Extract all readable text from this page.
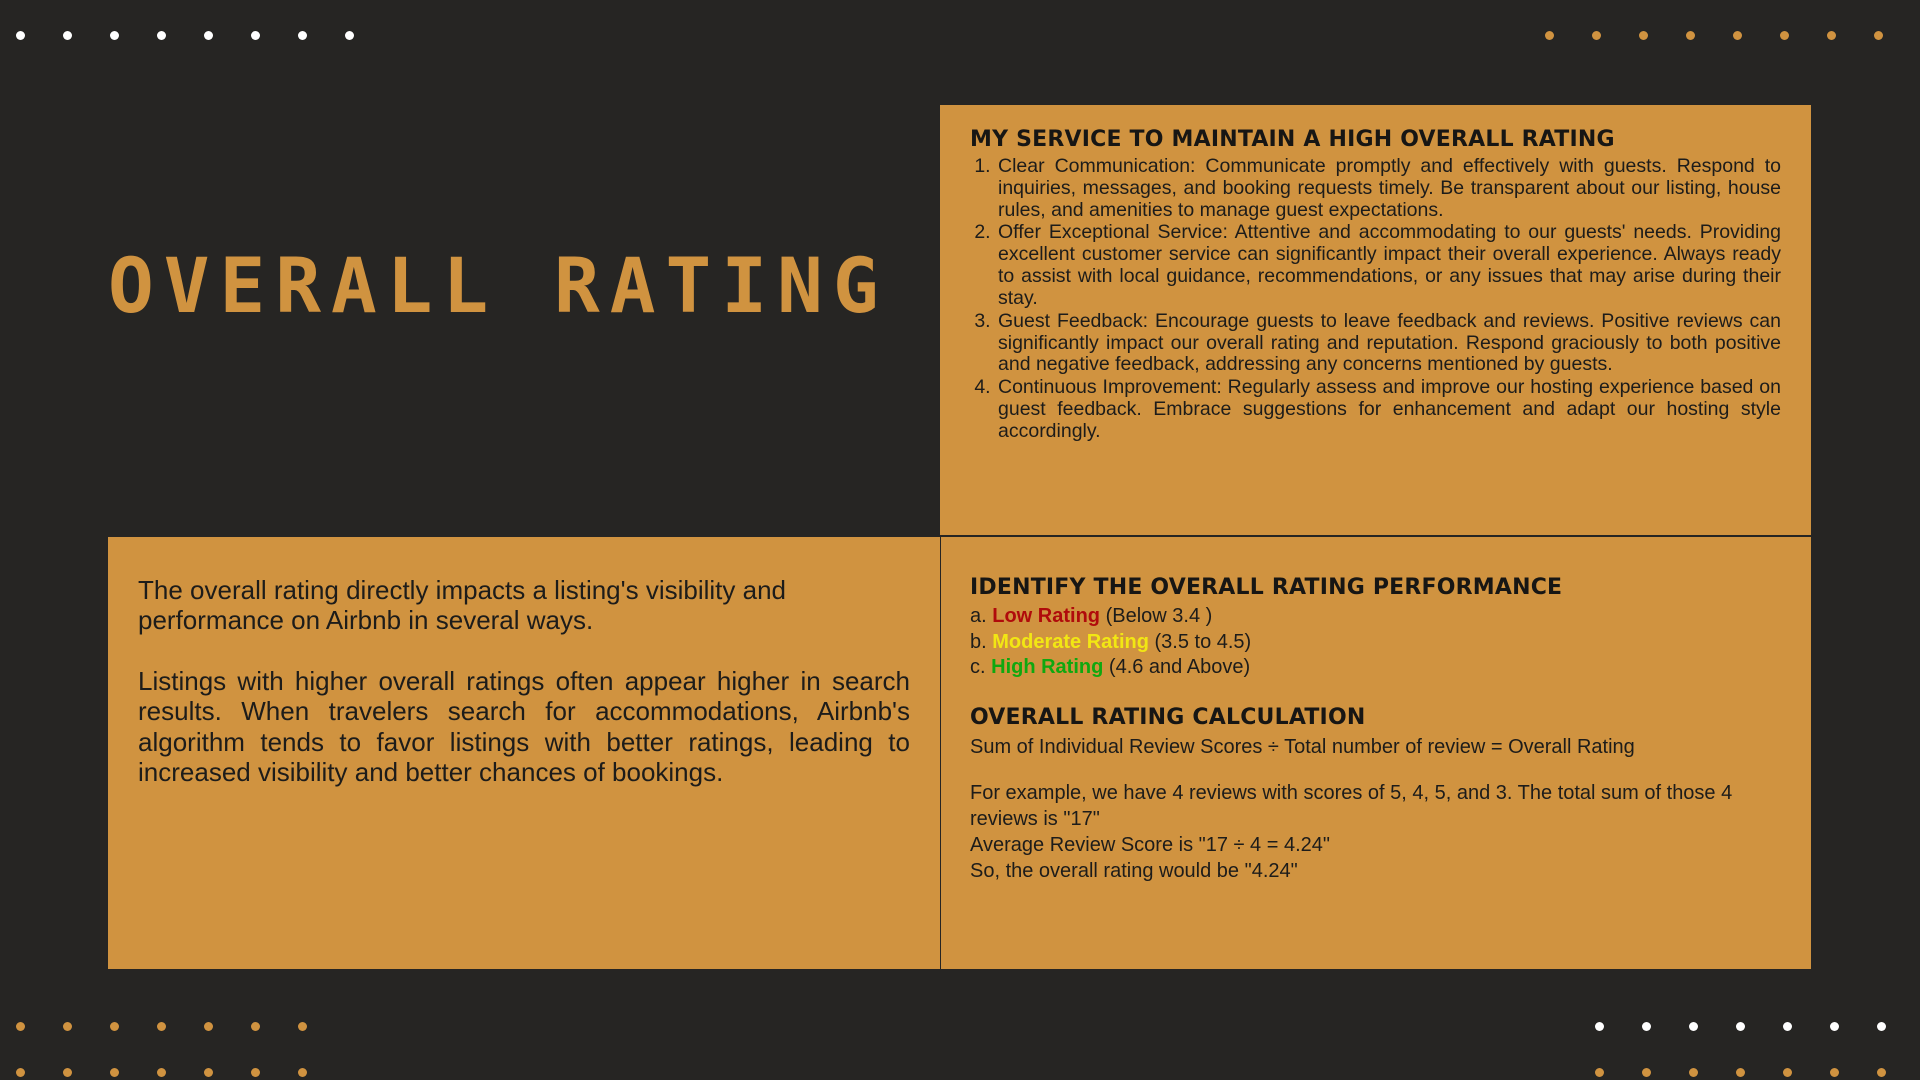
OVERALL RATING
MY SERVICE TO MAINTAIN A HIGH OVERALL RATING
1. Clear Communication: Communicate promptly and effectively with guests. Respond to inquiries, messages, and booking requests timely. Be transparent about our listing, house rules, and amenities to manage guest expectations.
2. Offer Exceptional Service: Attentive and accommodating to our guests' needs. Providing excellent customer service can significantly impact their overall experience. Always ready to assist with local guidance, recommendations, or any issues that may arise during their stay.
3. Guest Feedback: Encourage guests to leave feedback and reviews. Positive reviews can significantly impact our overall rating and reputation. Respond graciously to both positive and negative feedback, addressing any concerns mentioned by guests.
4. Continuous Improvement: Regularly assess and improve our hosting experience based on guest feedback. Embrace suggestions for enhancement and adapt our hosting style accordingly.

The overall rating directly impacts a listing's visibility and performance on Airbnb in several ways.

Listings with higher overall ratings often appear higher in search results. When travelers search for accommodations, Airbnb's algorithm tends to favor listings with better ratings, leading to increased visibility and better chances of bookings.

IDENTIFY THE OVERALL RATING PERFORMANCE
a. Low Rating (Below 3.4 )
b. Moderate Rating (3.5 to 4.5)
c. High Rating (4.6 and Above)
OVERALL RATING CALCULATION

Sum of Individual Review Scores ÷ Total number of review = Overall Rating

For example, we have 4 reviews with scores of 5, 4, 5, and 3. The total sum of those 4 reviews is "17"

Average Review Score is "17 ÷ 4 = 4.24"

So, the overall rating would be "4.24"
